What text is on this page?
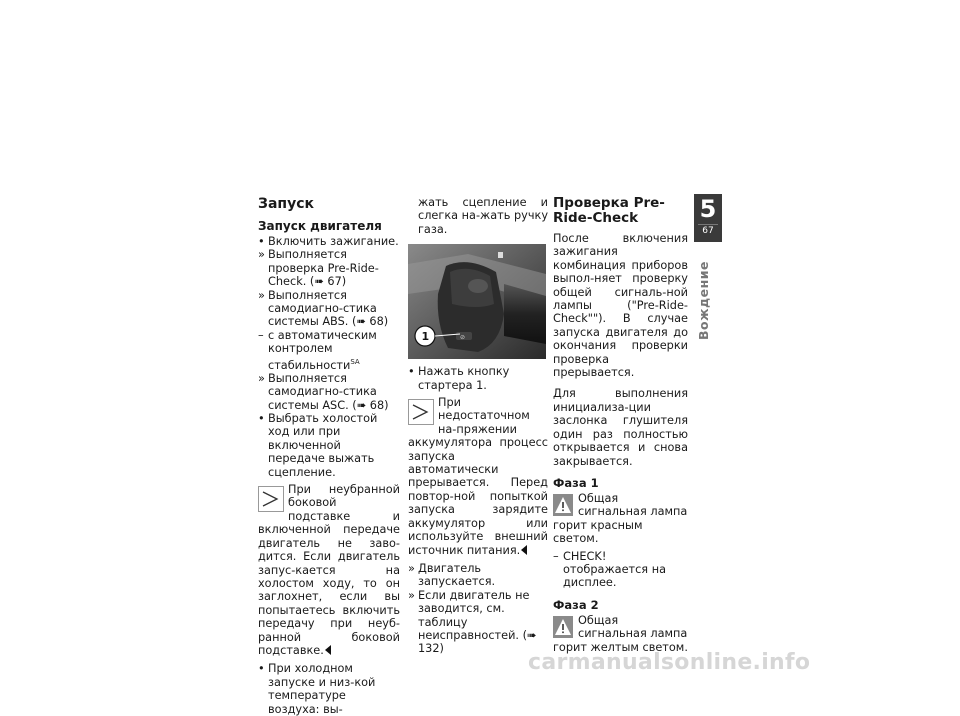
Запуск
Запуск двигателя
• Включить зажигание.
» Выполняется проверка Pre-Ride-Check. (➠ 67)
» Выполняется самодиагно-стика системы ABS. (➠ 68)
– с автоматическим контролем стабильности$^{SA}$
» Выполняется самодиагно-стика системы ASC. (➠ 68)
• Выбрать холостой ход или при включенной передаче выжать сцепление.

При неубранной боковой подставке и включенной передаче двигатель не заво-дится. Если двигатель запус-кается на холостом ходу, то он заглохнет, если вы попытаетесь включить передачу при неуб-ранной боковой подставке.

• При холодном запуске и низ-кой температуре воздуха: вы-

жать сцепление и слегка на-жать ручку газа.

⊘
1
• Нажать кнопку стартера 1.

При недостаточном на-пряжении аккумулятора процесс запуска автоматически прерывается. Перед повтор-ной попыткой запуска зарядите аккумулятор или используйте внешний источник питания.

» Двигатель запускается.
» Если двигатель не заводится, см. таблицу неисправностей. (➠ 132)
Проверка Pre-Ride-Check

После включения зажигания комбинация приборов выпол-няет проверку общей сигналь-ной лампы ("Pre-Ride-Check""). В случае запуска двигателя до окончания проверки проверка прерывается.

Для выполнения инициализа-ции заслонка глушителя один раз полностью открывается и снова закрывается.

Фаза 1

Общая сигнальная лампа горит красным светом.

– CHECK! отображается на дисплее.
Фаза 2

Общая сигнальная лампа горит желтым светом.

5
67
Вождение
carmanualsonline.info
